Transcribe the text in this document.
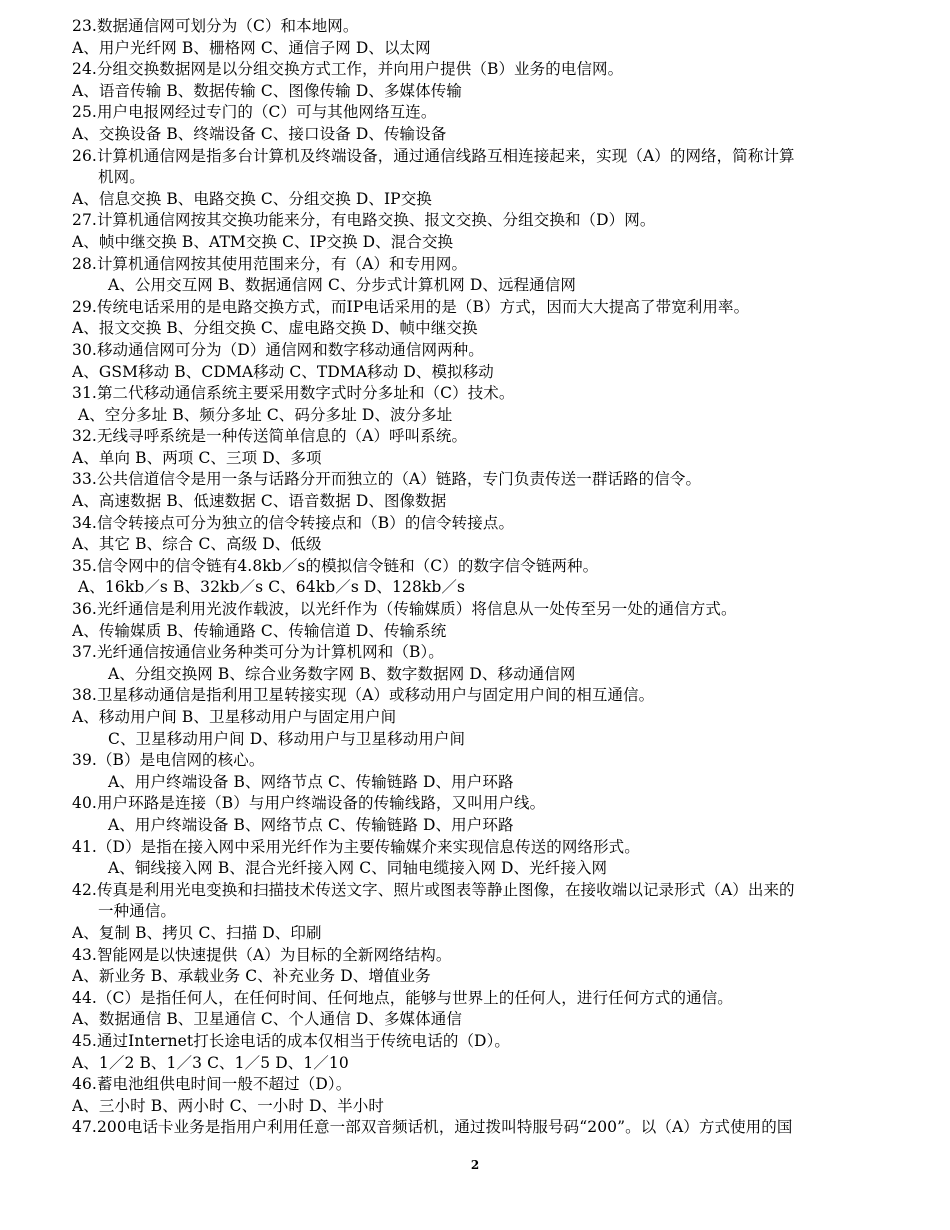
23.数据通信网可划分为（C）和本地网。
A、用户光纤网 B、栅格网 C、通信子网 D、以太网
24.分组交换数据网是以分组交换方式工作，并向用户提供（B）业务的电信网。
A、语音传输 B、数据传输 C、图像传输 D、多媒体传输
25.用户电报网经过专门的（C）可与其他网络互连。
A、交换设备 B、终端设备 C、接口设备 D、传输设备
26.计算机通信网是指多台计算机及终端设备，通过通信线路互相连接起来，实现（A）的网络，简称计算
机网。
A、信息交换 B、电路交换 C、分组交换 D、IP交换
27.计算机通信网按其交换功能来分，有电路交换、报文交换、分组交换和（D）网。
A、帧中继交换 B、ATM交换 C、IP交换 D、混合交换
28.计算机通信网按其使用范围来分，有（A）和专用网。
A、公用交互网 B、数据通信网 C、分步式计算机网 D、远程通信网
29.传统电话采用的是电路交换方式，而IP电话采用的是（B）方式，因而大大提高了带宽利用率。
A、报文交换 B、分组交换 C、虚电路交换 D、帧中继交换
30.移动通信网可分为（D）通信网和数字移动通信网两种。
A、GSM移动 B、CDMA移动 C、TDMA移动 D、模拟移动
31.第二代移动通信系统主要采用数字式时分多址和（C）技术。
A、空分多址 B、频分多址 C、码分多址 D、波分多址
32.无线寻呼系统是一种传送简单信息的（A）呼叫系统。
A、单向 B、两项 C、三项 D、多项
33.公共信道信令是用一条与话路分开而独立的（A）链路，专门负责传送一群话路的信令。
A、高速数据 B、低速数据 C、语音数据 D、图像数据
34.信令转接点可分为独立的信令转接点和（B）的信令转接点。
A、其它 B、综合 C、高级 D、低级
35.信令网中的信令链有4.8kb／s的模拟信令链和（C）的数字信令链两种。
A、16kb／s B、32kb／s C、64kb／s D、128kb／s
36.光纤通信是利用光波作载波，以光纤作为（传输媒质）将信息从一处传至另一处的通信方式。
A、传输媒质 B、传输通路 C、传输信道 D、传输系统
37.光纤通信按通信业务种类可分为计算机网和（B）。
A、分组交换网 B、综合业务数字网 B、数字数据网 D、移动通信网
38.卫星移动通信是指利用卫星转接实现（A）或移动用户与固定用户间的相互通信。
A、移动用户间 B、卫星移动用户与固定用户间
C、卫星移动用户间 D、移动用户与卫星移动用户间
39.（B）是电信网的核心。
A、用户终端设备 B、网络节点 C、传输链路 D、用户环路
40.用户环路是连接（B）与用户终端设备的传输线路，又叫用户线。
A、用户终端设备 B、网络节点 C、传输链路 D、用户环路
41.（D）是指在接入网中采用光纤作为主要传输媒介来实现信息传送的网络形式。
A、铜线接入网 B、混合光纤接入网 C、同轴电缆接入网 D、光纤接入网
42.传真是利用光电变换和扫描技术传送文字、照片或图表等静止图像，在接收端以记录形式（A）出来的
一种通信。
A、复制 B、拷贝 C、扫描 D、印刷
43.智能网是以快速提供（A）为目标的全新网络结构。
A、新业务 B、承载业务 C、补充业务 D、增值业务
44.（C）是指任何人，在任何时间、任何地点，能够与世界上的任何人，进行任何方式的通信。
A、数据通信 B、卫星通信 C、个人通信 D、多媒体通信
45.通过Internet打长途电话的成本仅相当于传统电话的（D）。
A、1／2 B、1／3 C、1／5 D、1／10
46.蓄电池组供电时间一般不超过（D）。
A、三小时 B、两小时 C、一小时 D、半小时
47.200电话卡业务是指用户利用任意一部双音频话机，通过拨叫特服号码“200”。以（A）方式使用的国
2
